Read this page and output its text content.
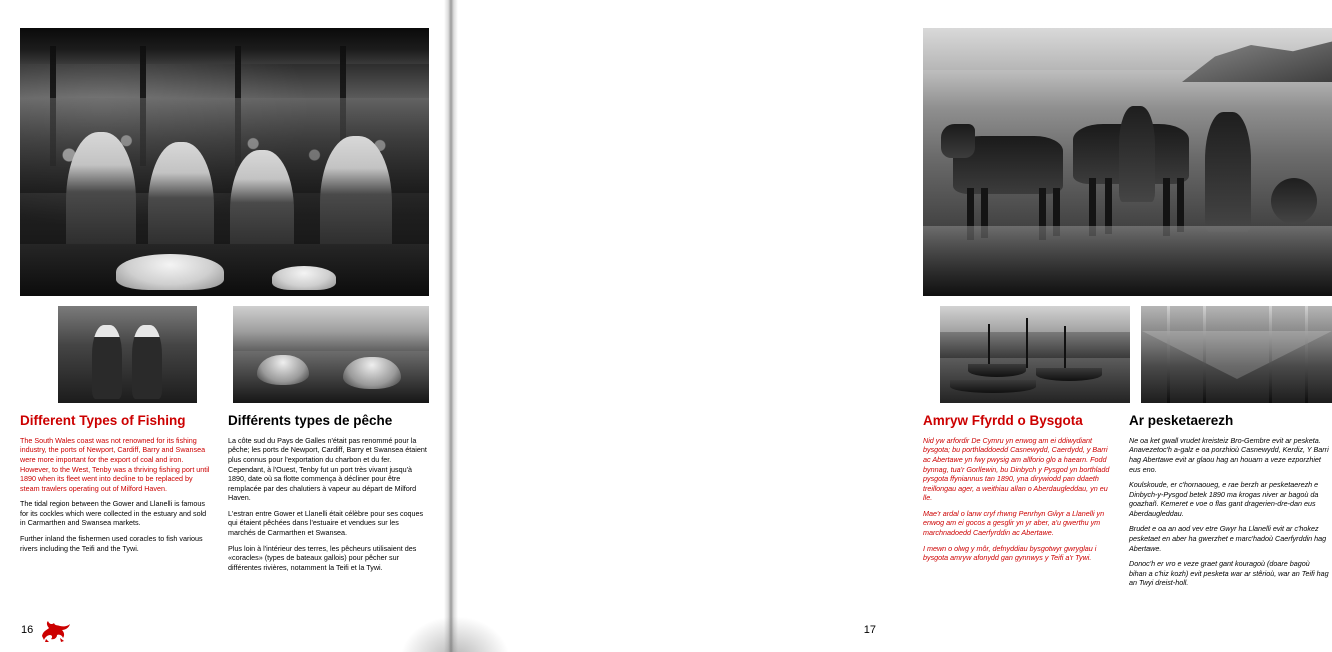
Different Types of Fishing

The South Wales coast was not renowned for its fishing industry, the ports of Newport, Cardiff, Barry and Swansea were more important for the export of coal and iron. However, to the West, Tenby was a thriving fishing port until 1890 when its fleet went into decline to be replaced by steam trawlers operating out of Milford Haven.

The tidal region between the Gower and Llanelli is famous for its cockles which were collected in the estuary and sold in Carmarthen and Swansea markets.

Further inland the fishermen used coracles to fish various rivers including the Teifi and the Tywi.

Différents types de pêche

La côte sud du Pays de Galles n'était pas renommé pour la pêche; les ports de Newport, Cardiff, Barry et Swansea étaient plus connus pour l'exportation du charbon et du fer. Cependant, à l'Ouest, Tenby fut un port très vivant jusqu'à 1890, date où sa flotte commença à décliner pour être remplacée par des chalutiers à vapeur au départ de Milford Haven.

L'estran entre Gower et Llanelli était célèbre pour ses coques qui étaient pêchées dans l'estuaire et vendues sur les marchés de Carmarthen et Swansea.

Plus loin à l'intérieur des terres, les pêcheurs utilisaient des «coracles» (types de bateaux gallois) pour pêcher sur différentes rivières, notamment la Teifi et la Tywi.

16
Amryw Ffyrdd o Bysgota

Nid yw arfordir De Cymru yn enwog am ei ddiwydiant bysgota; bu porthladdoedd Casnewydd, Caerdydd, y Barri ac Abertawe yn fwy pwysig am allforio glo a haearn. Fodd bynnag, tua'r Gorllewin, bu Dinbych y Pysgod yn borthladd pysgota ffyniannus tan 1890, yna dirywiodd pan ddaeth treillongau ager, a weithiau allan o Aberdaugleddau, yn eu lle.

Mae'r ardal o lanw cryf rhwng Penrhyn Gŵyr a Llanelli yn enwog am ei gocos a gesglir yn yr aber, a'u gwerthu ym marchnadoedd Caerfyrddin ac Abertawe.

I mewn o olwg y môr, defnyddiau bysgotwyr gwryglau i bysgota amryw afonydd gan gynnwys y Teifi a'r Tywi.

Ar pesketaerezh

Ne oa ket gwall vrudet kreisteiz Bro-Gembre evit ar pesketa. Anavezetoc'h a-galz e oa porzhioù Casnewydd, Kerdiz, Y Barri hag Abertawe evit ar glaou hag an houarn a veze ezporzhiet eus eno.

Koulskoude, er c'hornaoueg, e rae berzh ar pesketaerezh e Dinbych-y-Pysgod betek 1890 ma krogas niver ar bagoù da goazhañ. Kemeret e voe o flas gant dragerien-dre-dan eus Aberdaugleddau.

Brudet e oa an aod vev etre Gwyr ha Llanelli evit ar c'hokez pesketaet en aber ha gwerzhet e marc'hadoù Caerfyrddin hag Abertawe.

Donoc'h er vro e veze graet gant kouragoù (doare bagoù bihan a c'hiz kozh) evit pesketa war ar stêrioù, war an Teifi hag an Twyi dreist-holl.

17
